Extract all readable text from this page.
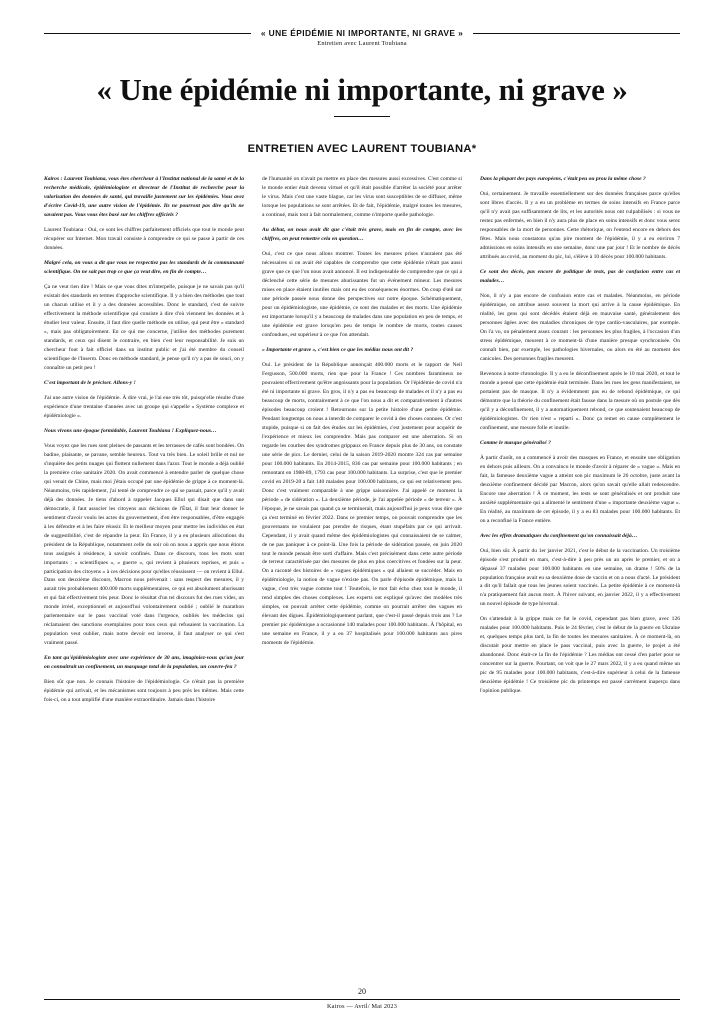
« UNE ÉPIDÉMIE NI IMPORTANTE, NI GRAVE »
Entretien avec Laurent Toubiana
« Une épidémie ni importante, ni grave »
ENTRETIEN AVEC LAURENT TOUBIANA*

Kairos : Laurent Toubiana, vous êtes chercheur à l'Institut national de la santé et de la recherche médicale, épidémiologiste et directeur de l'Institut de recherche pour la valorisation des données de santé, qui travaille justement sur les épidémies. Vous avez d'écrire Covid-19, une autre vision de l'épidémie. Ils ne pourront pas dire qu'ils ne savaient pas. Vous vous êtes basé sur les chiffres officiels ?

Laurent Toubiana : Oui, ce sont les chiffres parfaitement officiels que tout le monde peut récupérer sur Internet. Mon travail consiste à comprendre ce qui se passe à partir de ces données.

Malgré cela, on vous a dit que vous ne respectiez pas les standards de la communauté scientifique. On ne sait pas trop ce que ça veut dire, en fin de compte…

Ça ne veut rien dire ! Mais ce que vous dites m'interpelle, puisque je ne savais pas qu'il existait des standards en termes d'approche scientifique. Il y a bien des méthodes que tout un chacun utilise et il y a des données accessibles. Donc le standard, c'est de suivre effectivement la méthode scientifique qui consiste à dire d'où viennent les données et à étudier leur valeur. Ensuite, il faut dire quelle méthode on utilise, qui peut être « standard », mais pas obligatoirement. En ce qui me concerne, j'utilise des méthodes purement standards, et ceux qui disent le contraire, en bien c'est leur responsabilité. Je suis un chercheur fout à fait officiel dans un institut public et j'ai été membre du conseil scientifique de l'Inserm. Donc en méthode standard, je pense qu'il n'y a pas de souci, on y connaître un petit peu !

C'est important de le préciser. Allons-y !

J'ai une autre vision de l'épidémie. À dire vrai, je l'ai eue très tôt, puisqu'elle résulte d'une expérience d'une trentaine d'années avec un groupe qui s'appelle « Système complexe et épidémiologie ».

Nous vivons une époque formidable, Laurent Toubiana ! Expliquez-nous…

Vous voyez que les rues sont pleines de passants et les terrasses de cafés sont bondées. On badine, plaisante, se pavane, semble heureux. Tout va très bien. Le soleil brille et nul ne s'inquiète des petits nuages qui flottent nullement dans l'azur. Tout le monde a déjà oublié la première crise sanitaire 2020. On avait commencé à entendre parler de quelque chose qui venait de Chine, mais moi j'étais occupé par une épidémie de grippe à ce moment-là. Néanmoins, très rapidement, j'ai tenté de comprendre ce qui se passait, parce qu'il y avait déjà des données. Je tiens d'abord à rappeler Jacques Ellul qui disait que dans une démocratie, il faut associer les citoyens aux décisions de l'État, il faut leur donner le sentiment d'avoir voulu les actes du gouvernement, d'en être responsables, d'être engagés à les défendre et à les faire réussir. Et le meilleur moyen pour mettre les individus en état de suggestibilité, c'est de répandre la peur. En France, il y a eu plusieurs allocutions du président de la République, notamment celle du soir où on nous a appris que nous étions tous assignés à résidence, à savoir confinés. Dans ce discours, tous les mots sont importants : « scientifiques », « guerre », qui revient à plusieurs reprises, et puis « participation des citoyens » à ces décisions pour qu'elles réussissent — on revient à Ellul. Dans son deuxième discours, Macron nous prévenait : sans respect des mesures, il y aurait très probablement 400.000 morts supplémentaires, ce qui est absolument ahurissant et qui fait effectivement très peur. Donc le résultat d'un tel discours fut des rues vides, un monde irréel, exceptionnel et aujourd'hui volontairement oublié ; oublié le marathon parlementaire sur le pass vaccinal voté dans l'urgence, oubliés les médecins qui réclamaient des sanctions exemplaires pour tous ceux qui refusaient la vaccination. La population veut oublier, mais notre devoir est inverse, il faut analyser ce qui s'est vraiment passé.

En tant qu'épidémiologiste avec une expérience de 30 ans, imaginiez-vous qu'un jour on connaîtrait un confinement, un masquage total de la population, un couvre-feu ?

Bien sûr que non. Je connais l'histoire de l'épidémiologie. Ce n'était pas la première épidémie qui arrivait, et les mécanismes sont toujours à peu près les mêmes. Mais cette fois-ci, on a tout amplifié d'une manière extraordinaire. Jamais dans l'histoire

de l'humanité on n'avait pu mettre en place des mesures aussi excessives. C'est comme si le monde entier était devenu virtuel et qu'il était possible d'arrêter la société pour arrêter le virus. Mais c'est une vaste blague, car les virus sont susceptibles de se diffuser, même lorsque les populations se sont arrêtées. Et de fait, l'épidémie, malgré toutes les mesures, a continué, mais tout à fait normalement, comme n'importe quelle pathologie.

Au début, on nous avait dit que c'était très grave, mais en fin de compte, avec les chiffres, on peut remettre cela en question…

Oui, c'est ce que nous allons montrer. Toutes les mesures prises n'auraient pas été nécessaires si on avait été capables de comprendre que cette épidémie n'était pas aussi grave que ce que l'on nous avait annoncé. Il est indispensable de comprendre que ce qui a déclenché cette série de mesures ahurissantes fut un événement mineur. Les mesures mises en place étaient inutiles mais ont eu des conséquences énormes. On coup d'œil sur une période passée nous donne des perspectives sur notre époque. Schématiquement, pour un épidémiologiste, une épidémie, ce sont des malades et des morts. Une épidémie est importante lorsqu'il y a beaucoup de malades dans une population en peu de temps, et une épidémie est grave lorsqu'en peu de temps le nombre de morts, toutes causes confondues, est supérieur à ce que l'on attendait.

« Importante et grave », c'est bien ce que les médias nous ont dit ?

Oui. Le président de la République annonçait 400.000 morts et le rapport de Neil Fergusson, 500.000 morts, rien que pour la France ! Ces nombres faramineux ne pouvaient effectivement qu'être angoissants pour la population. Or l'épidémie de covid n'a été ni importante ni grave. En gros, il n'y a pas eu beaucoup de malades et il n'y a pas eu beaucoup de morts, contrairement à ce que l'on nous a dit et comparativement à d'autres épisodes beaucoup croient ! Retournons sur la petite histoire d'une petite épidémie. Pendant longtemps on nous a interdit de comparer le covid à des choses connues. Or c'est stupide, puisque si on fait des études sur les épidémies, c'est justement pour acquérir de l'expérience et mieux les comprendre. Mais pas comparer est une aberration. Si on regarde les courbes des syndromes grippaux en France depuis plus de 30 ans, on constate une série de pics. Le dernier, celui de la saison 2019-2020 montre 324 cas par semaine pour 100.000 habitants. En 2014-2015, 836 cas par semaine pour 100.000 habitants ; en remontant en 1988-89, 1793 cas pour 100.000 habitants. La surprise, c'est que le premier covid en 2019-20 a fait 140 malades pour 100.000 habitants, ce qui est relativement peu. Donc c'est vraiment comparable à une grippe saisonnière. J'ai appelé ce moment la période « de sidération ». La deuxième période, je l'ai appelée période « de terreur ». À l'époque, je ne savais pas quand ça se terminerait, mais aujourd'hui je peux vous dire que ça s'est terminé en février 2022. Dans ce premier temps, on pouvait comprendre que les gouvernants ne voulaient pas prendre de risques, étant stupéfaits par ce qui arrivait. Cependant, il y avait quand même des épidémiologistes qui connaissaient de se calmer, de ne pas paniquer à ce point-là. Une fois la période de sidération passée, en juin 2020 tout le monde pensait être sorti d'affaire. Mais c'est précisément dans cette autre période de terreur caractérisée par des mesures de plus en plus coercitives et fondées sur la peur. On a raconté des histoires de « vagues épidémiques » qui allaient se succéder. Mais en épidémiologie, la notion de vague n'existe pas. On parle d'épisode épidémique, mais la vague, c'est très vague comme tout ! Toutefois, le mot fait écho chez tout le monde, il rend simples des choses complexes. Les experts ont expliqué qu'avec des modèles très simples, on pouvait arrêter cette épidémie, comme on pourrait arrêter des vagues en élevant des digues. Épidémiologiquement parlant, que c'est-il passé depuis trois ans ? Le premier pic épidémique a occasionné 140 malades pour 100.000 habitants. À l'hôpital, en une semaine en France, il y a eu 37 hospitalisés pour 100.000 habitants aux pires moments de l'épidémie.

Dans la plupart des pays européens, c'était peu ou prou la même chose ?

Oui, certainement. Je travaille essentiellement sur des données françaises parce qu'elles sont libres d'accès. Il y a eu un problème en termes de soins intensifs en France parce qu'il n'y avait pas suffisamment de lits, et les autorités nous ont culpabilisés : si vous ne restez pas enfermés, en bien il n'y aura plus de place en soins intensifs et donc vous serez responsables de la mort de personnes. Cette rhétorique, on l'entend encore en dehors des fêtes. Mais nous constatons qu'au pire moment de l'épidémie, il y a eu environ 7 admissions en soins intensifs en une semaine, donc une par jour ! Et le nombre de décès attribués au covid, au moment du pic, lui, s'élève à 10 décès pour 100.000 habitants.

Ce sont des décès, pas encore de politique de tests, pas de confusion entre cas et malades…

Non, il n'y a pas encore de confusion entre cas et malades. Néanmoins, en période épidémique, on attribue assez souvent la mort qui arrive à la cause épidémique. En réalité, les gens qui sont décédés étaient déjà en mauvaise santé, généralement des personnes âgées avec des maladies chroniques de type cardio-vasculaires, par exemple. On l'a vu, on pénalement assez courant : les personnes les plus fragiles, à l'occasion d'un stress épidémique, meurent à ce moment-là d'une manière presque synchronisée. On connaît bien, par exemple, les pathologies hivernales, ou alors en été au moment des canicules. Des personnes fragiles meurent.

Revenons à notre chronologie. Il y a eu le déconfinement après le 10 mai 2020, et tout le monde a pensé que cette épidémie était terminée. Dans les rues les gens manifestaient, ne portaient pas de masque. Il n'y a évidemment pas eu de rebond épidémique, ce qui démontre que la théorie du confinement était fausse dans la mesure où on postule que dès qu'il y a déconfinement, il y a automatiquement rebond, ce que soutenaient beaucoup de épidémiologistes. Or rien n'est « reparti ». Donc ça remet en cause complètement le confinement, une mesure folle et inutile.

Comme le masque généralisé ?

À partir d'août, on a commencé à avoir des masques en France, et ensuite une obligation en dehors puis ailleurs. On a convaincu le monde d'avoir à réparer de « vague ». Mais en fait, la fameuse deuxième vague a atteint son pic maximum le 26 octobre, juste avant la deuxième confinement décidé par Macron, alors qu'on savait qu'elle allait redescendre. Encore une aberration ! À ce moment, les tests se sont généralisés et ont produit une anxiété supplémentaire qui a alimenté le sentiment d'une « importante deuxième vague ». En réalité, au maximum de cet épisode, il y a eu 83 malades pour 100.000 habitants. Et on a reconfiné la France entière.

Avec les effets dramatiques du confinement qu'on connaissait déjà…

Oui, bien sûr. À partir du 1er janvier 2021, c'est le début de la vaccination. Un troisième épisode s'est produit en mars, c'est-à-dire à peu près un an après le premier, et on a dépassé 37 malades pour 100.000 habitants en une semaine, un drame ! 50% de la population française avait eu sa deuxième dose de vaccin et on a nous d'acté. Le président a dit qu'il fallait que tous les jeunes soient vaccinés. La petite épidémie à ce moment-là n'a pratiquement fait aucun mort. À l'hiver suivant, en janvier 2022, il y a effectivement un nouvel épisode de type hivernal.

On s'attendait à la grippe mais ce fut le covid, cependant pas bien grave, avec 126 malades pour 100.000 habitants. Puis le 24 février, c'est le début de la guerre en Ukraine et, quelques temps plus tard, la fin de toutes les mesures sanitaires. À ce moment-là, on discutait pour mettre en place le pass vaccinal, puis avec la guerre, le projet a été abandonné. Donc était-ce la fin de l'épidémie ? Les médias ont cessé d'en parler pour se concentrer sur la guerre. Pourtant, on voit que le 27 mars 2022, il y a eu quand même un pic de 95 malades pour 100.000 habitants, c'est-à-dire supérieur à celui de la fameuse deuxième épidémie ! Ce troisième pic du printemps est passé carrément inaperçu dans l'opinion publique.

20
Kairos — Avril/ Mai 2023
